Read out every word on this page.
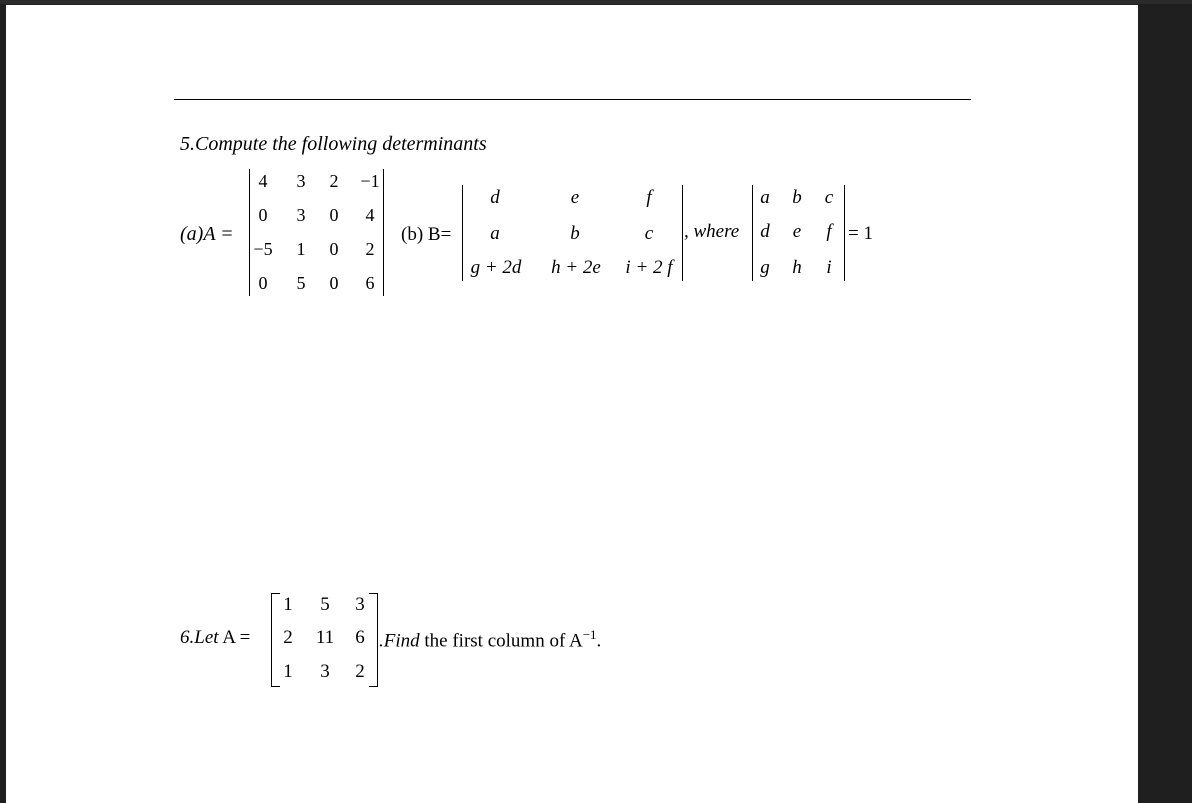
5.Compute the following determinants
(a)A =
4	3	2	−1
0	3	0	4
−5	1	0	2
0	5	0	6
(b) B=
d	e	f
a	b	c
g + 2d	h + 2e	i + 2 f
, where
a	b	c
d	e	f
g	h	i
= 1
6.Let A =
1	5	3
2	11	6
1	3	2
.Find the first column of $A^{-1}$.
